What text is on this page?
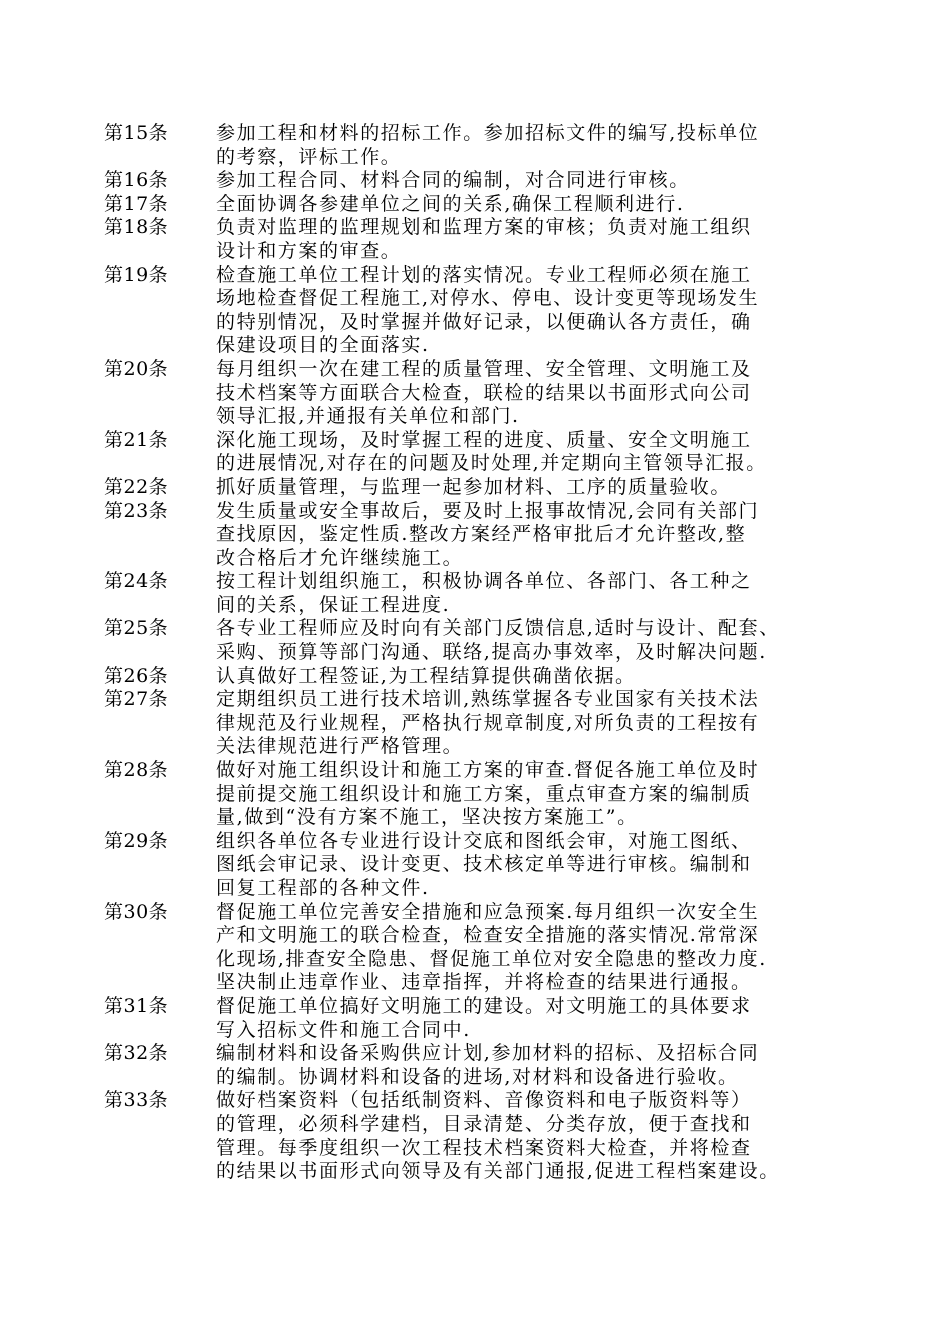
第15条	参加工程和材料的招标工作。参加招标文件的编写,投标单位
的考察，评标工作。
第16条	参加工程合同、材料合同的编制，对合同进行审核。
第17条	全面协调各参建单位之间的关系,确保工程顺利进行.
第18条	负责对监理的监理规划和监理方案的审核；负责对施工组织
设计和方案的审查。
第19条	检查施工单位工程计划的落实情况。专业工程师必须在施工
场地检查督促工程施工,对停水、停电、设计变更等现场发生
的特别情况，及时掌握并做好记录，以便确认各方责任，确
保建设项目的全面落实.
第20条	每月组织一次在建工程的质量管理、安全管理、文明施工及
技术档案等方面联合大检查，联检的结果以书面形式向公司
领导汇报,并通报有关单位和部门.
第21条	深化施工现场，及时掌握工程的进度、质量、安全文明施工
的进展情况,对存在的问题及时处理,并定期向主管领导汇报。
第22条	抓好质量管理，与监理一起参加材料、工序的质量验收。
第23条	发生质量或安全事故后，要及时上报事故情况,会同有关部门
查找原因，鉴定性质.整改方案经严格审批后才允许整改,整
改合格后才允许继续施工。
第24条	按工程计划组织施工，积极协调各单位、各部门、各工种之
间的关系，保证工程进度.
第25条	各专业工程师应及时向有关部门反馈信息,适时与设计、配套、
采购、预算等部门沟通、联络,提高办事效率，及时解决问题.
第26条	认真做好工程签证,为工程结算提供确凿依据。
第27条	定期组织员工进行技术培训,熟练掌握各专业国家有关技术法
律规范及行业规程，严格执行规章制度,对所负责的工程按有
关法律规范进行严格管理。
第28条	做好对施工组织设计和施工方案的审查.督促各施工单位及时
提前提交施工组织设计和施工方案，重点审查方案的编制质
量,做到“没有方案不施工，坚决按方案施工”。
第29条	组织各单位各专业进行设计交底和图纸会审，对施工图纸、
图纸会审记录、设计变更、技术核定单等进行审核。编制和
回复工程部的各种文件.
第30条	督促施工单位完善安全措施和应急预案.每月组织一次安全生
产和文明施工的联合检查，检查安全措施的落实情况.常常深
化现场,排查安全隐患、督促施工单位对安全隐患的整改力度.
坚决制止违章作业、违章指挥，并将检查的结果进行通报。
第31条	督促施工单位搞好文明施工的建设。对文明施工的具体要求
写入招标文件和施工合同中.
第32条	编制材料和设备采购供应计划,参加材料的招标、及招标合同
的编制。协调材料和设备的进场,对材料和设备进行验收。
第33条	做好档案资料（包括纸制资料、音像资料和电子版资料等）
的管理，必须科学建档，目录清楚、分类存放，便于查找和
管理。每季度组织一次工程技术档案资料大检查，并将检查
的结果以书面形式向领导及有关部门通报,促进工程档案建设。
